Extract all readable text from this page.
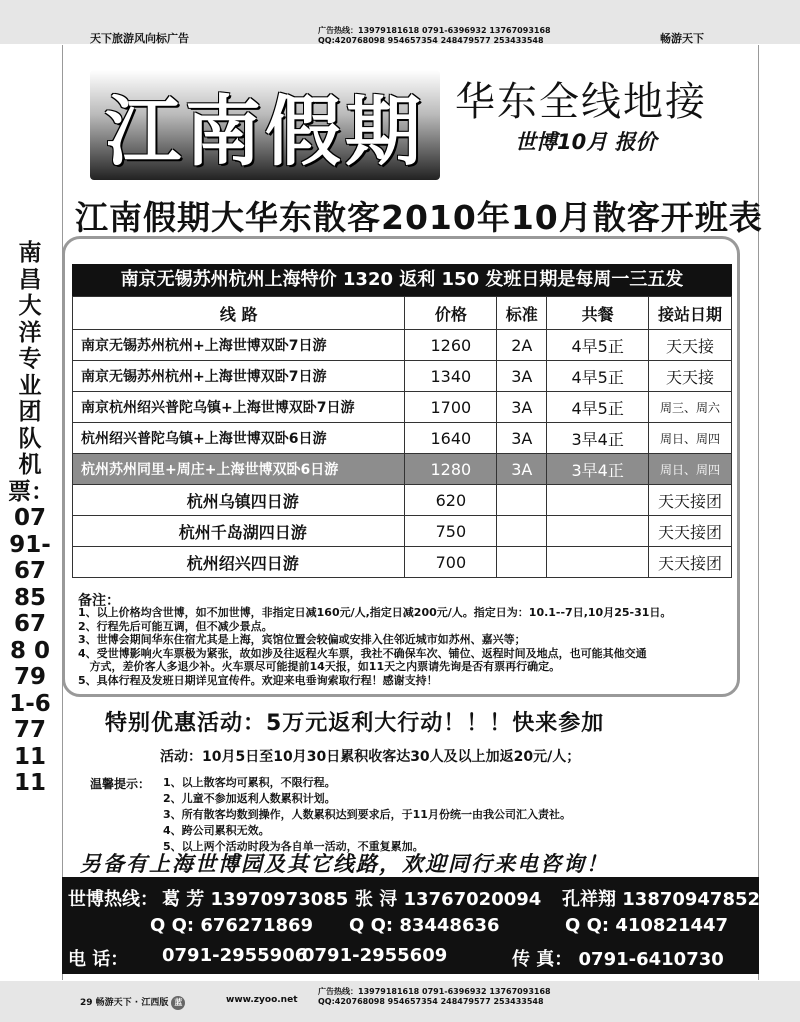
天下旅游风向标广告
广告热线：13979181618 0791-6396932 13767093168
QQ:420768098 954657354 248479577 253433548	畅游天下
江南假期 华东全线地接
世博10月 报价
江南假期大华东散客2010年10月散客开班表
南昌大洋专业团队机票：0791-6785678 0791-6771111
南京无锡苏州杭州上海特价 1320 返利 150 发班日期是每周一三五发
线 路	价格	标准	共餐	接站日期
南京无锡苏州杭州+上海世博双卧7日游	1260	2A	4早5正	天天接
南京无锡苏州杭州+上海世博双卧7日游	1340	3A	4早5正	天天接
南京杭州绍兴普陀乌镇+上海世博双卧7日游	1700	3A	4早5正	周三、周六
杭州绍兴普陀乌镇+上海世博双卧6日游	1640	3A	3早4正	周日、周四
杭州苏州同里+周庄+上海世博双卧6日游	1280	3A	3早4正	周日、周四
杭州乌镇四日游	620			天天接团
杭州千岛湖四日游	750			天天接团
杭州绍兴四日游	700			天天接团
备注：
1、以上价格均含世博，如不加世博，非指定日减160元/人,指定日减200元/人。指定日为：10.1--7日,10月25-31日。
2、行程先后可能互调，但不减少景点。
3、世博会期间华东住宿尤其是上海，宾馆位置会较偏或安排入住邻近城市如苏州、嘉兴等；
4、受世博影响火车票极为紧张，故如涉及往返程火车票，我社不确保车次、铺位、返程时间及地点，也可能其他交通
方式，差价客人多退少补。火车票尽可能提前14天报，如11天之内票请先询是否有票再行确定。
5、具体行程及发班日期详见宣传件。欢迎来电垂询索取行程！感谢支持！
特别优惠活动：5万元返利大行动！！！快来参加
活动：10月5日至10月30日累积收客达30人及以上加返20元/人；
温馨提示： 1、以上散客均可累积，不限行程。
2、儿童不参加返利人数累积计划。
3、所有散客均数到操作，人数累积达到要求后，于11月份统一由我公司汇入责社。
4、跨公司累积无效。
5、以上两个活动时段为各自单一活动，不重复累加。
另备有上海世博园及其它线路，欢迎同行来电咨询！
世博热线： 葛 芳 13970973085 张 浔 13767020094 孔祥翔 13870947852
Q Q: 676271869 Q Q: 83448636	Q Q: 410821447
电 话： 0791-2955906
0791-2955609	传 真： 0791-6410730
29 畅游天下 · 江西版 蓝	www.zyoo.net
广告热线：13979181618 0791-6396932 13767093168
QQ:420768098 954657354 248479577 253433548
